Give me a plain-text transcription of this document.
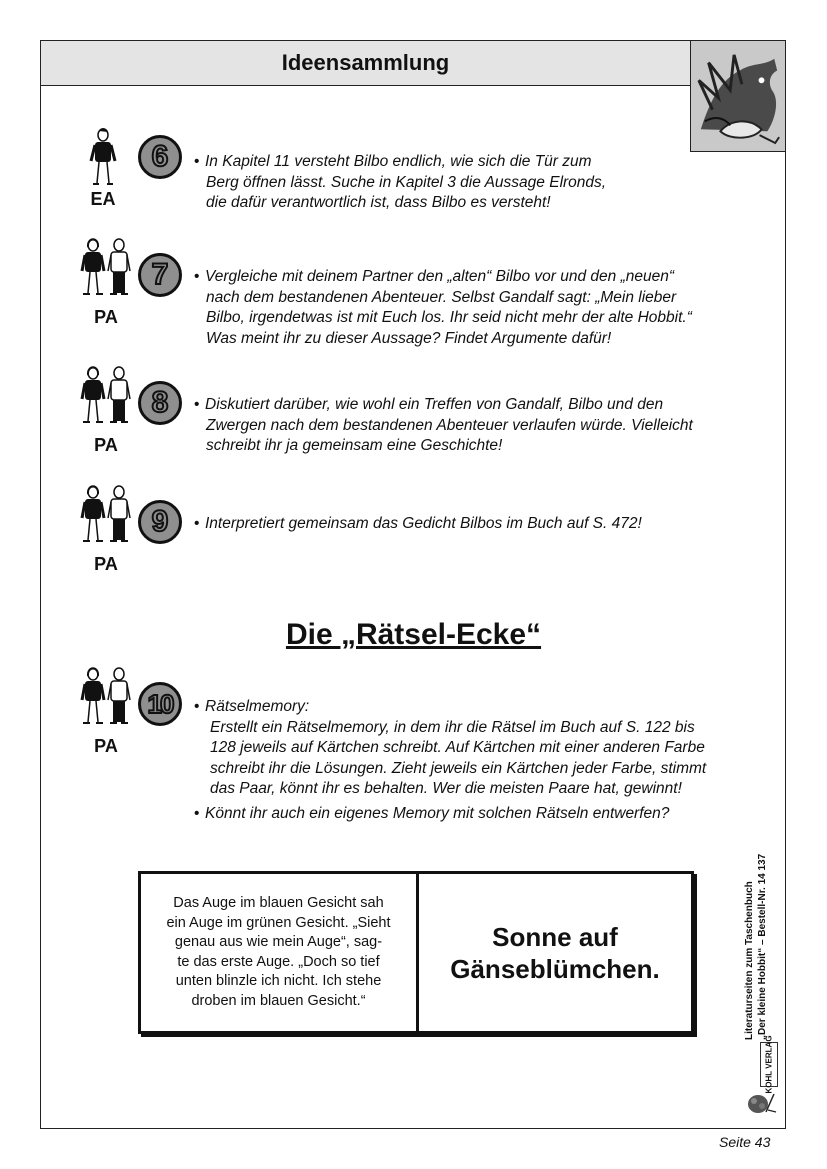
Ideensammlung
EA
6	• In Kapitel 11 versteht Bilbo endlich, wie sich die Tür zum
Berg öffnen lässt. Suche in Kapitel 3 die Aussage Elronds,
die dafür verantwortlich ist, dass Bilbo es versteht!
PA
7	• Vergleiche mit deinem Partner den „alten“ Bilbo vor und den „neuen“
nach dem bestandenen Abenteuer. Selbst Gandalf sagt: „Mein lieber
Bilbo, irgendetwas ist mit Euch los. Ihr seid nicht mehr der alte Hobbit.“
Was meint ihr zu dieser Aussage? Findet Argumente dafür!
PA
8	• Diskutiert darüber, wie wohl ein Treffen von Gandalf, Bilbo und den
Zwergen nach dem bestandenen Abenteuer verlaufen würde. Vielleicht
schreibt ihr ja gemeinsam eine Geschichte!
PA
9	• Interpretiert gemeinsam das Gedicht Bilbos im Buch auf S. 472!
Die „Rätsel-Ecke“
PA
10	• Rätselmemory:
Erstellt ein Rätselmemory, in dem ihr die Rätsel im Buch auf S. 122 bis
128 jeweils auf Kärtchen schreibt. Auf Kärtchen mit einer anderen Farbe
schreibt ihr die Lösungen. Zieht jeweils ein Kärtchen jeder Farbe, stimmt
das Paar, könnt ihr es behalten. Wer die meisten Paare hat, gewinnt!
• Könnt ihr auch ein eigenes Memory mit solchen Rätseln entwerfen?
Das Auge im blauen Gesicht sah
ein Auge im grünen Gesicht. „Sieht
genau aus wie mein Auge“, sag-
te das erste Auge. „Doch so tief
unten blinzle ich nicht. Ich stehe
droben im blauen Gesicht.“
Sonne auf
Gänseblümchen.	Literaturseiten zum Taschenbuch „Der kleine Hobbit“ – Bestell-Nr. 14 137
KOHL VERLAG
Seite 43
